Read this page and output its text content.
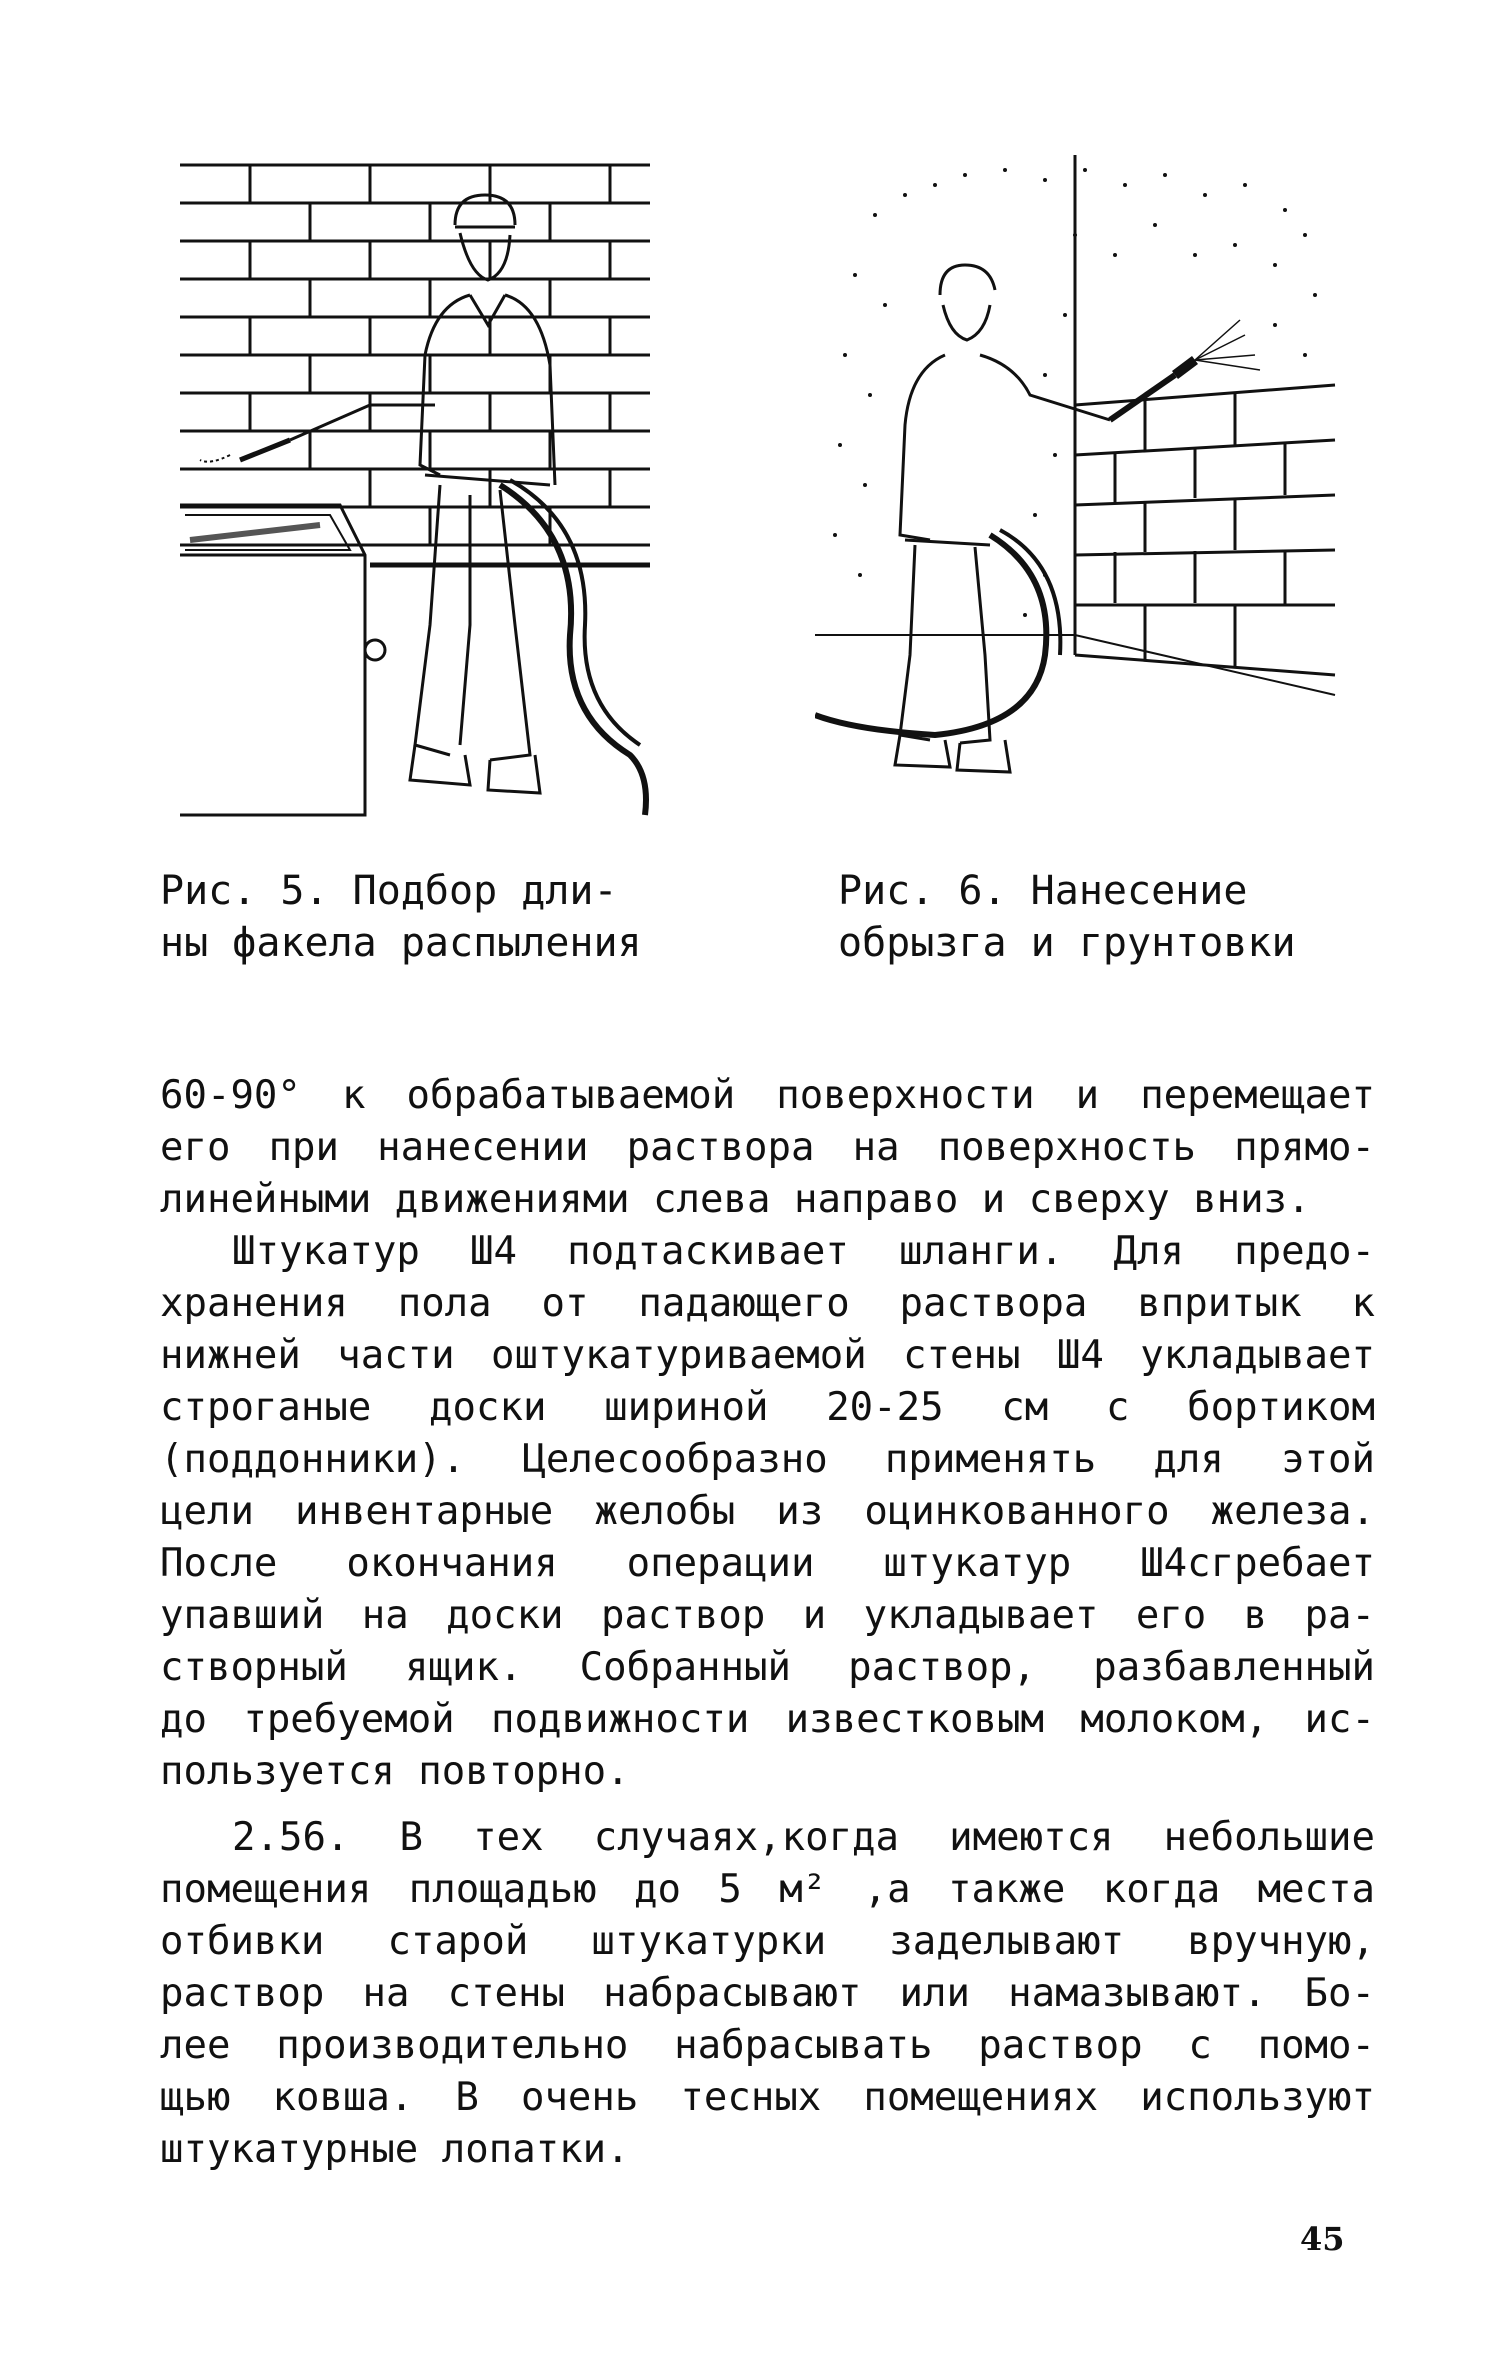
Рис. 5. Подбор дли-
ны факела распыления

Рис. 6. Нанесение
обрызга и грунтовки

60-90° к обрабатываемой поверхности и перемещает
его при нанесении раствора на поверхность прямо-
линейными движениями слева направо и сверху вниз.

Штукатур Ш4 подтаскивает шланги. Для предо-
хранения пола от падающего раствора впритык к
нижней части оштукатуриваемой стены Ш4 укладывает
строганые доски шириной 20-25 см с бортиком
(поддонники). Целесообразно применять для этой
цели инвентарные желобы из оцинкованного железа.
После окончания операции штукатур Ш4сгребает
упавший на доски раствор и укладывает его в ра-
створный ящик. Собранный раствор, разбавленный
до требуемой подвижности известковым молоком, ис-
пользуется повторно.

2.56. В тех случаях,когда имеются небольшие
помещения площадью до 5 м² ,а также когда места
отбивки старой штукатурки заделывают вручную,
раствор на стены набрасывают или намазывают. Бо-
лее производительно набрасывать раствор с помо-
щью ковша. В очень тесных помещениях используют
штукатурные лопатки.

45
